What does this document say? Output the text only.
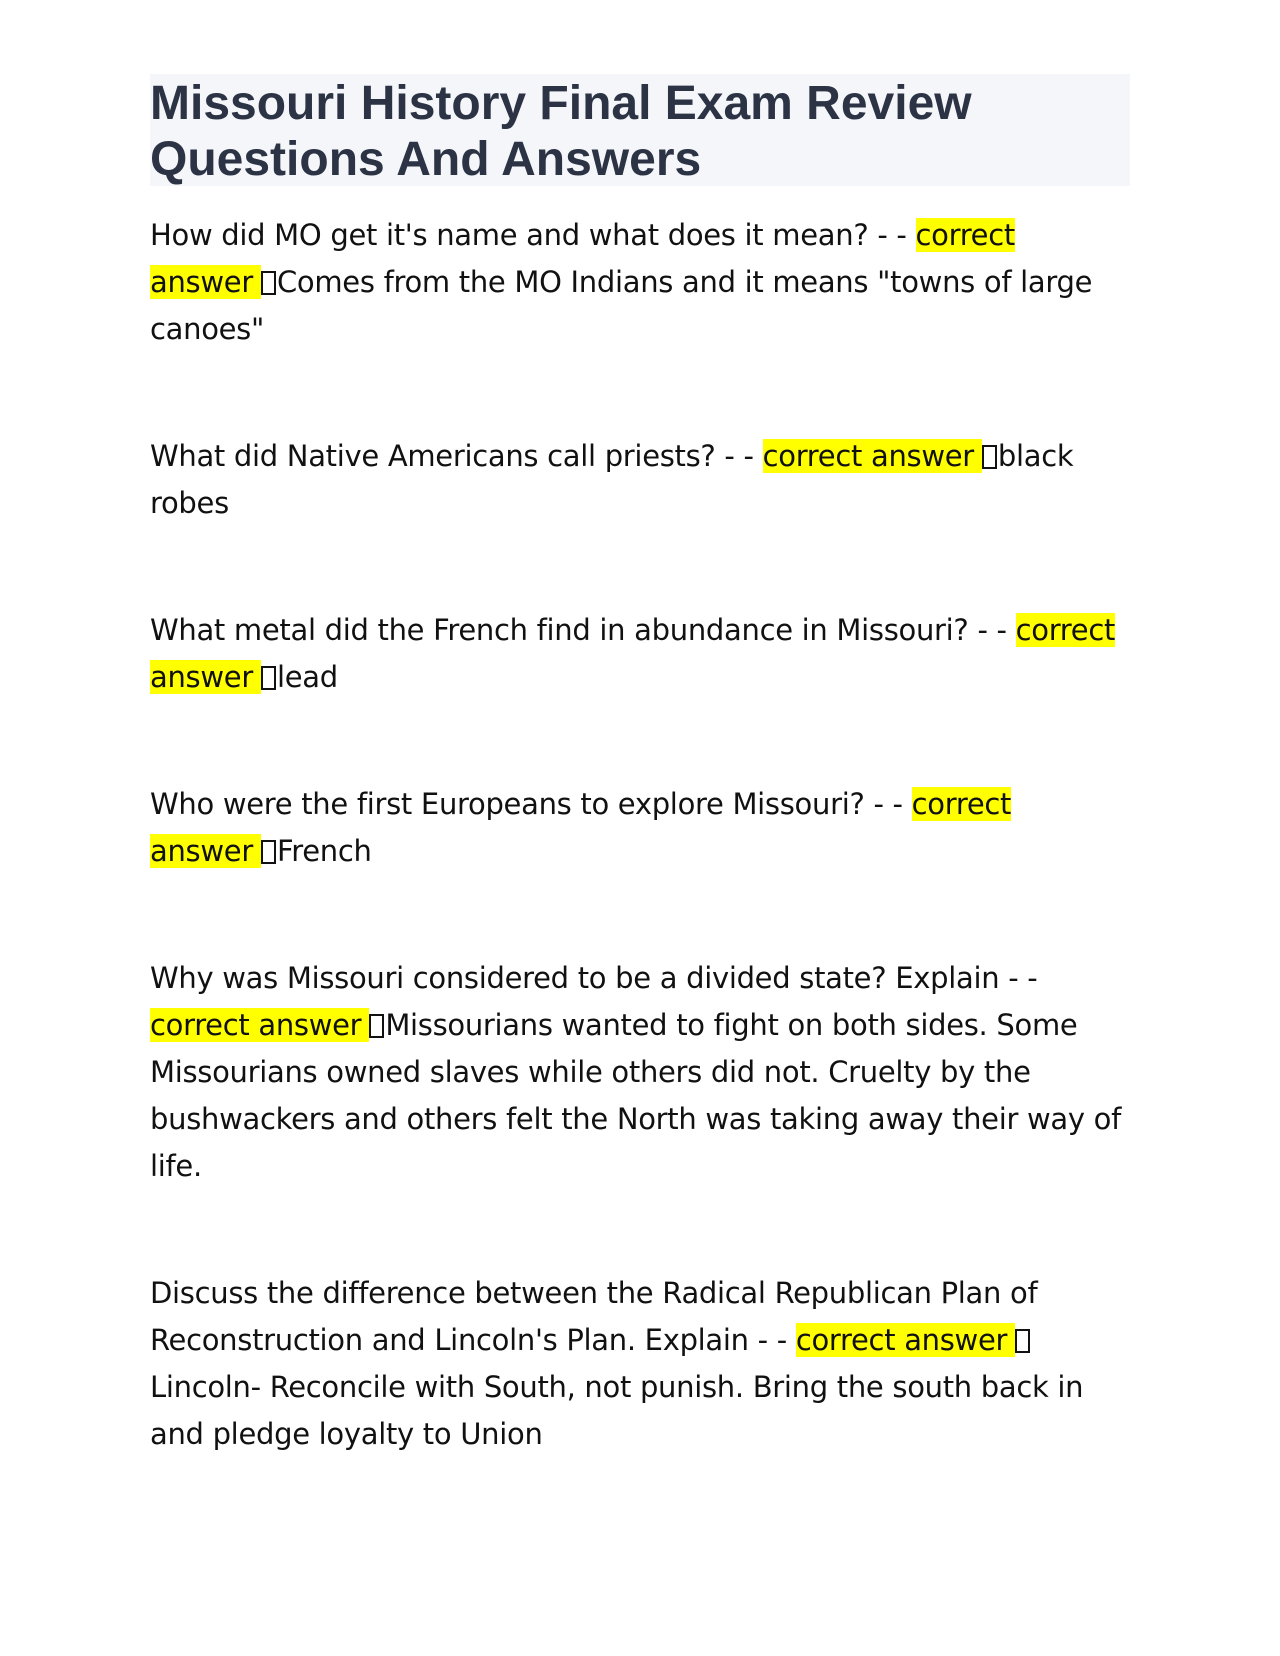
Missouri History Final Exam Review Questions And Answers

How did MO get it's name and what does it mean? - - correct answer Comes from the MO Indians and it means "towns of large canoes"

What did Native Americans call priests? - - correct answer black robes

What metal did the French find in abundance in Missouri? - - correct answer lead

Who were the first Europeans to explore Missouri? - - correct answer French

Why was Missouri considered to be a divided state? Explain - - correct answer Missourians wanted to fight on both sides. Some Missourians owned slaves while others did not. Cruelty by the bushwackers and others felt the North was taking away their way of life.

Discuss the difference between the Radical Republican Plan of Reconstruction and Lincoln's Plan. Explain - - correct answerLincoln- Reconcile with South, not punish. Bring the south back in and pledge loyalty to Union
